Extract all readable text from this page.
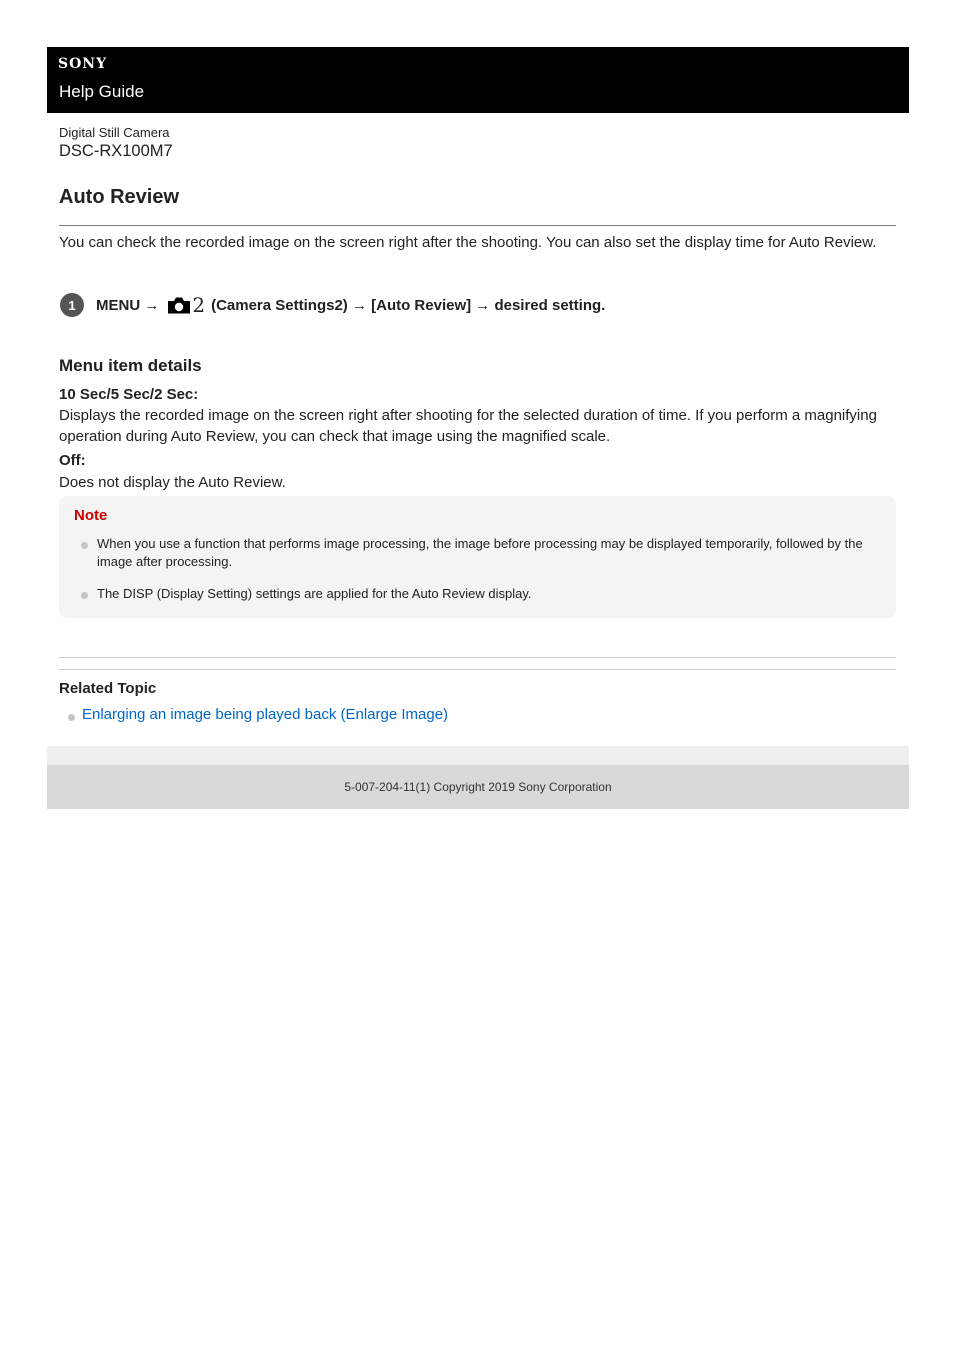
SONY
Help Guide
Digital Still Camera
DSC-RX100M7
Auto Review

You can check the recorded image on the screen right after the shooting. You can also set the display time for Auto Review.

1	MENU → 2 (Camera Settings2) → [Auto Review] → desired setting.
Menu item details
10 Sec/5 Sec/2 Sec:

Displays the recorded image on the screen right after shooting for the selected duration of time. If you perform a magnifying operation during Auto Review, you can check that image using the magnified scale.

Off:

Does not display the Auto Review.

Note
When you use a function that performs image processing, the image before processing may be displayed temporarily, followed by the image after processing.
The DISP (Display Setting) settings are applied for the Auto Review display.
Related Topic
Enlarging an image being played back (Enlarge Image)
5-007-204-11(1) Copyright 2019 Sony Corporation
